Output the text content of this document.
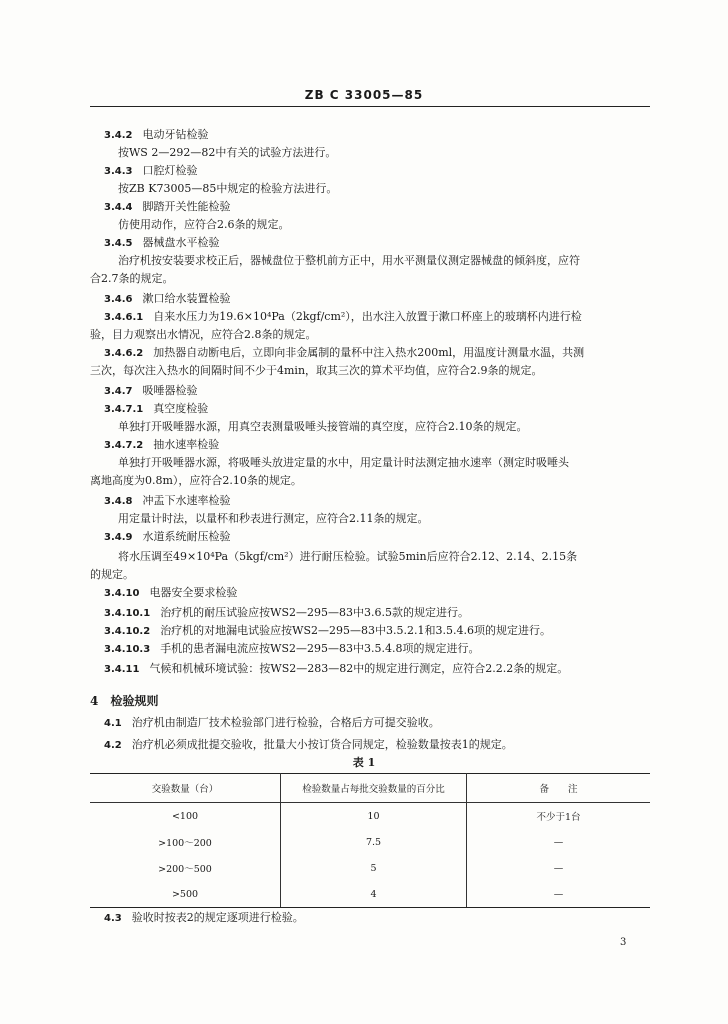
ZB C 33005—85
3.4.2 电动牙钻检验
按WS 2—292—82中有关的试验方法进行。
3.4.3 口腔灯检验
按ZB K73005—85中规定的检验方法进行。
3.4.4 脚踏开关性能检验
仿使用动作，应符合2.6条的规定。
3.4.5 器械盘水平检验
治疗机按安装要求校正后，器械盘位于整机前方正中，用水平测量仪测定器械盘的倾斜度，应符
合2.7条的规定。
3.4.6 漱口给水装置检验
3.4.6.1 自来水压力为19.6×10⁴Pa（2kgf/cm²），出水注入放置于漱口杯座上的玻璃杯内进行检
验，目力观察出水情况，应符合2.8条的规定。
3.4.6.2 加热器自动断电后，立即向非金属制的量杯中注入热水200ml，用温度计测量水温，共测
三次，每次注入热水的间隔时间不少于4min，取其三次的算术平均值，应符合2.9条的规定。
3.4.7 吸唾器检验
3.4.7.1 真空度检验
单独打开吸唾器水源，用真空表测量吸唾头接管端的真空度，应符合2.10条的规定。
3.4.7.2 抽水速率检验
单独打开吸唾器水源，将吸唾头放进定量的水中，用定量计时法测定抽水速率（测定时吸唾头
离地高度为0.8m），应符合2.10条的规定。
3.4.8 冲盂下水速率检验
用定量计时法，以量杯和秒表进行测定，应符合2.11条的规定。
3.4.9 水道系统耐压检验
将水压调至49×10⁴Pa（5kgf/cm²）进行耐压检验。试验5min后应符合2.12、2.14、2.15条
的规定。
3.4.10 电器安全要求检验
3.4.10.1 治疗机的耐压试验应按WS2—295—83中3.6.5款的规定进行。
3.4.10.2 治疗机的对地漏电试验应按WS2—295—83中3.5.2.1和3.5.4.6项的规定进行。
3.4.10.3 手机的患者漏电流应按WS2—295—83中3.5.4.8项的规定进行。
3.4.11 气候和机械环境试验：按WS2—283—82中的规定进行测定，应符合2.2.2条的规定。
4 检验规则
4.1 治疗机由制造厂技术检验部门进行检验，合格后方可提交验收。
4.2 治疗机必须成批提交验收，批量大小按订货合同规定，检验数量按表1的规定。
表 1
交验数量（台）	检验数量占每批交验数量的百分比	备　　注
<100	10	不少于1台
>100～200	7.5	—
>200～500	5	—
>500	4	—
4.3 验收时按表2的规定逐项进行检验。
3
